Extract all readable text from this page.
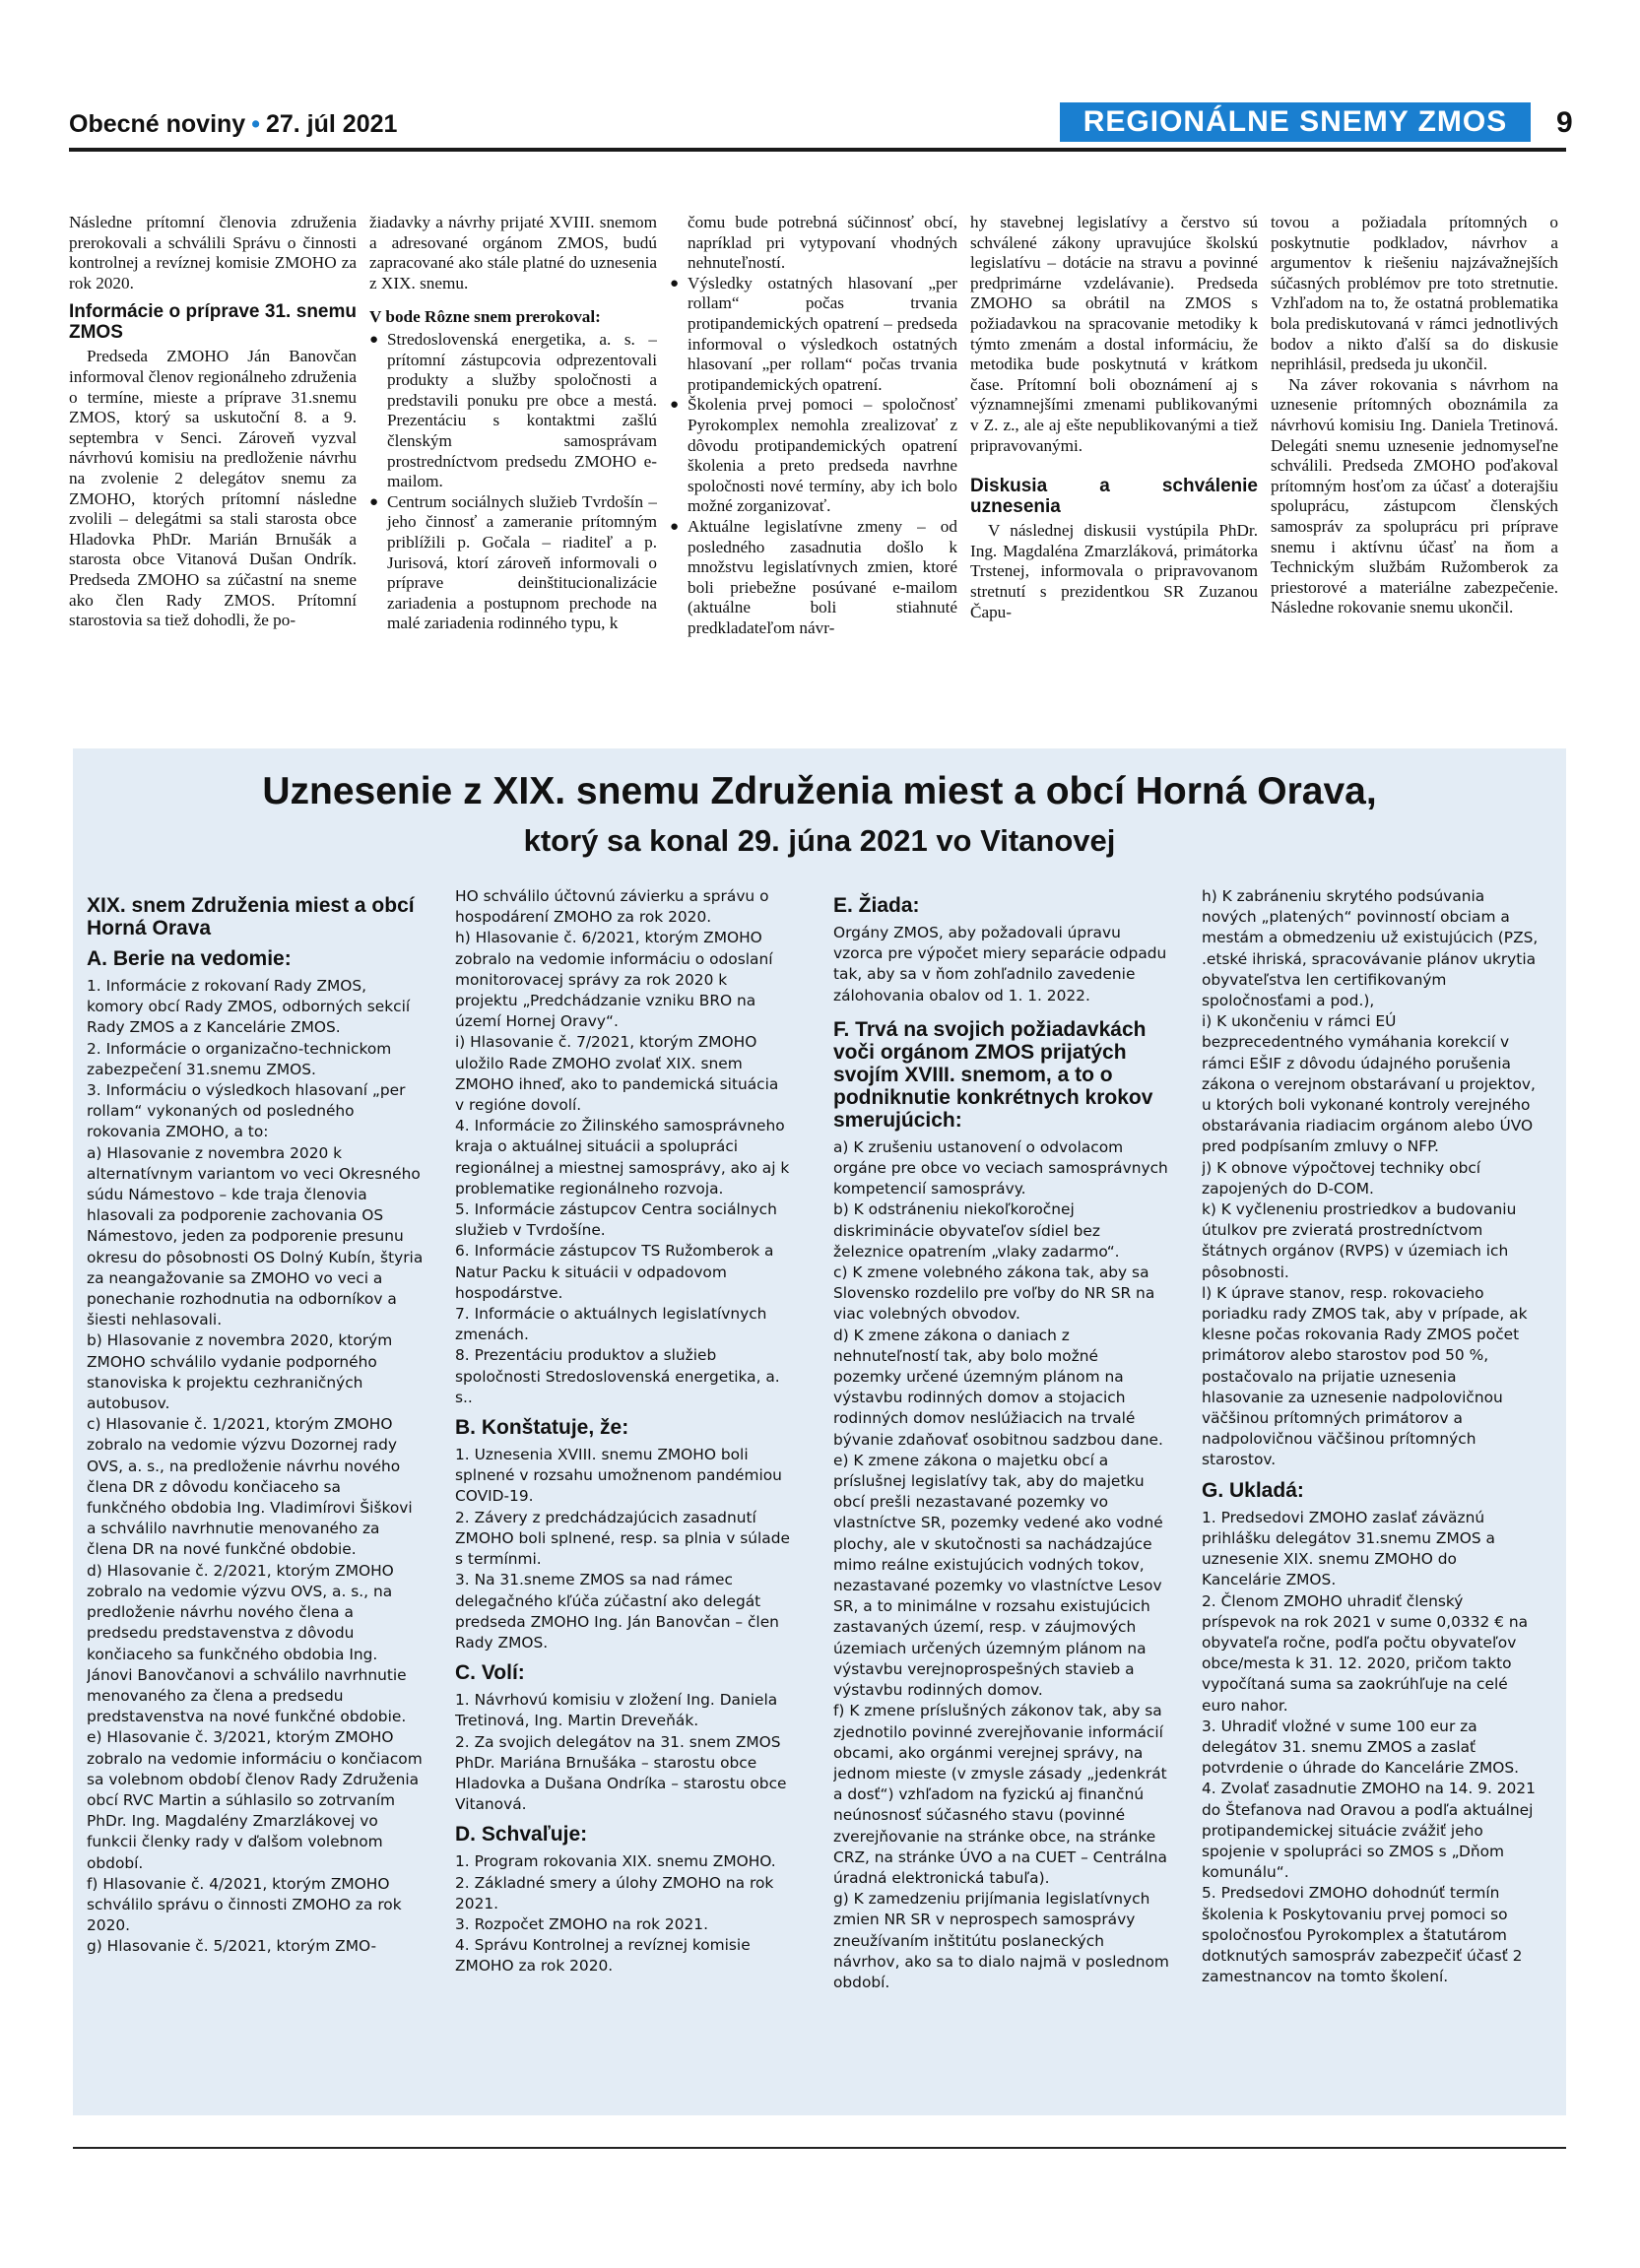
Obecné noviny • 27. júl 2021	REGIONÁLNE SNEMY ZMOS	9

Následne prítomní členovia združenia prerokovali a schválili Správu o činnosti kontrolnej a revíznej komisie ZMOHO za rok 2020.

Informácie o príprave 31. snemu ZMOS

Predseda ZMOHO Ján Banovčan informoval členov regionálneho združenia o termíne, mieste a príprave 31.snemu ZMOS, ktorý sa uskutoční 8. a 9. septembra v Senci. Zároveň vyzval návrhovú komisiu na predloženie návrhu na zvolenie 2 delegátov snemu za ZMOHO, ktorých prítomní následne zvolili – delegátmi sa stali starosta obce Hladovka PhDr. Marián Brnušák a starosta obce Vitanová Dušan Ondrík. Predseda ZMOHO sa zúčastní na sneme ako člen Rady ZMOS. Prítomní starostovia sa tiež dohodli, že po-

žiadavky a návrhy prijaté XVIII. snemom a adresované orgánom ZMOS, budú zapracované ako stále platné do uznesenia z XIX. snemu.

V bode Rôzne snem prerokoval:

● Stredoslovenská energetika, a. s. – prítomní zástupcovia odprezentovali produkty a služby spoločnosti a predstavili ponuku pre obce a mestá. Prezentáciu s kontaktmi zašlú členským samosprávam prostredníctvom predsedu ZMOHO e-mailom.
● Centrum sociálnych služieb Tvrdošín – jeho činnosť a zameranie prítomným priblížili p. Gočala – riaditeľ a p. Jurisová, ktorí zároveň informovali o príprave deinštitucionalizácie zariadenia a postupnom prechode na malé zariadenia rodinného typu, k

čomu bude potrebná súčinnosť obcí, napríklad pri vytypovaní vhodných nehnuteľností.

● Výsledky ostatných hlasovaní „per rollam“ počas trvania protipandemických opatrení – predseda informoval o výsledkoch ostatných hlasovaní „per rollam“ počas trvania protipandemických opatrení.
● Školenia prvej pomoci – spoločnosť Pyrokomplex nemohla zrealizovať z dôvodu protipandemických opatrení školenia a preto predseda navrhne spoločnosti nové termíny, aby ich bolo možné zorganizovať.
● Aktuálne legislatívne zmeny – od posledného zasadnutia došlo k množstvu legislatívnych zmien, ktoré boli priebežne posúvané e-mailom (aktuálne boli stiahnuté predkladateľom návr-

hy stavebnej legislatívy a čerstvo sú schválené zákony upravujúce školskú legislatívu – dotácie na stravu a povinné predprimárne vzdelávanie). Predseda ZMOHO sa obrátil na ZMOS s požiadavkou na spracovanie metodiky k týmto zmenám a dostal informáciu, že metodika bude poskytnutá v krátkom čase. Prítomní boli oboznámení aj s významnejšími zmenami publikovanými v Z. z., ale aj ešte nepublikovanými a tiež pripravovanými.

Diskusia a schválenie uznesenia

V následnej diskusii vystúpila PhDr. Ing. Magdaléna Zmarzláková, primátorka Trstenej, informovala o pripravovanom stretnutí s prezidentkou SR Zuzanou Čapu-

tovou a požiadala prítomných o poskytnutie podkladov, návrhov a argumentov k riešeniu najzávažnejších súčasných problémov pre toto stretnutie. Vzhľadom na to, že ostatná problematika bola prediskutovaná v rámci jednotlivých bodov a nikto ďalší sa do diskusie neprihlásil, predseda ju ukončil.

Na záver rokovania s návrhom na uznesenie prítomných oboznámila za návrhovú komisiu Ing. Daniela Tretinová. Delegáti snemu uznesenie jednomyseľne schválili. Predseda ZMOHO poďakoval prítomným hosťom za účasť a doterajšiu spoluprácu, zástupcom členských samospráv za spoluprácu pri príprave snemu i aktívnu účasť na ňom a Technickým službám Ružomberok za priestorové a materiálne zabezpečenie. Následne rokovanie snemu ukončil.

Uznesenie z XIX. snemu Združenia miest a obcí Horná Orava,
ktorý sa konal 29. júna 2021 vo Vitanovej
XIX. snem Združenia miest a obcí Horná Orava
A. Berie na vedomie:

1. Informácie z rokovaní Rady ZMOS, komory obcí Rady ZMOS, odborných sekcií Rady ZMOS a z Kancelárie ZMOS.

2. Informácie o organizačno-technickom zabezpečení 31.snemu ZMOS.

3. Informáciu o výsledkoch hlasovaní „per rollam“ vykonaných od posledného rokovania ZMOHO, a to:

a) Hlasovanie z novembra 2020 k alternatívnym variantom vo veci Okresného súdu Námestovo – kde traja členovia hlasovali za podporenie zachovania OS Námestovo, jeden za podporenie presunu okresu do pôsobnosti OS Dolný Kubín, štyria za neangažovanie sa ZMOHO vo veci a ponechanie rozhodnutia na odborníkov a šiesti nehlasovali.

b) Hlasovanie z novembra 2020, ktorým ZMOHO schválilo vydanie podporného stanoviska k projektu cezhraničných autobusov.

c) Hlasovanie č. 1/2021, ktorým ZMOHO zobralo na vedomie výzvu Dozornej rady OVS, a. s., na predloženie návrhu nového člena DR z dôvodu končiaceho sa funkčného obdobia Ing. Vladimírovi Šiškovi a schválilo navrhnutie menovaného za člena DR na nové funkčné obdobie.

d) Hlasovanie č. 2/2021, ktorým ZMOHO zobralo na vedomie výzvu OVS, a. s., na predloženie návrhu nového člena a predsedu predstavenstva z dôvodu končiaceho sa funkčného obdobia Ing. Jánovi Banovčanovi a schválilo navrhnutie menovaného za člena a predsedu predstavenstva na nové funkčné obdobie.

e) Hlasovanie č. 3/2021, ktorým ZMOHO zobralo na vedomie informáciu o končiacom sa volebnom období členov Rady Združenia obcí RVC Martin a súhlasilo so zotrvaním PhDr. Ing. Magdalény Zmarzlákovej vo funkcii členky rady v ďalšom volebnom období.

f) Hlasovanie č. 4/2021, ktorým ZMOHO schválilo správu o činnosti ZMOHO za rok 2020.

g) Hlasovanie č. 5/2021, ktorým ZMO-

HO schválilo účtovnú závierku a správu o hospodárení ZMOHO za rok 2020.

h) Hlasovanie č. 6/2021, ktorým ZMOHO zobralo na vedomie informáciu o odoslaní monitorovacej správy za rok 2020 k projektu „Predchádzanie vzniku BRO na území Hornej Oravy“.

i) Hlasovanie č. 7/2021, ktorým ZMOHO uložilo Rade ZMOHO zvolať XIX. snem ZMOHO ihneď, ako to pandemická situácia v regióne dovolí.

4. Informácie zo Žilinského samosprávneho kraja o aktuálnej situácii a spolupráci regionálnej a miestnej samosprávy, ako aj k problematike regionálneho rozvoja.

5. Informácie zástupcov Centra sociálnych služieb v Tvrdošíne.

6. Informácie zástupcov TS Ružomberok a Natur Packu k situácii v odpadovom hospodárstve.

7. Informácie o aktuálnych legislatívnych zmenách.

8. Prezentáciu produktov a služieb spoločnosti Stredoslovenská energetika, a. s..

B. Konštatuje, že:

1. Uznesenia XVIII. snemu ZMOHO boli splnené v rozsahu umožnenom pandémiou COVID-19.

2. Závery z predchádzajúcich zasadnutí ZMOHO boli splnené, resp. sa plnia v súlade s termínmi.

3. Na 31.sneme ZMOS sa nad rámec delegačného kľúča zúčastní ako delegát predseda ZMOHO Ing. Ján Banovčan – člen Rady ZMOS.

C. Volí:

1. Návrhovú komisiu v zložení Ing. Daniela Tretinová, Ing. Martin Dreveňák.

2. Za svojich delegátov na 31. snem ZMOS PhDr. Mariána Brnušáka – starostu obce Hladovka a Dušana Ondríka – starostu obce Vitanová.

D. Schvaľuje:

1. Program rokovania XIX. snemu ZMOHO.

2. Základné smery a úlohy ZMOHO na rok 2021.

3. Rozpočet ZMOHO na rok 2021.

4. Správu Kontrolnej a revíznej komisie ZMOHO za rok 2020.

E. Žiada:

Orgány ZMOS, aby požadovali úpravu vzorca pre výpočet miery separácie odpadu tak, aby sa v ňom zohľadnilo zavedenie zálohovania obalov od 1. 1. 2022.

F. Trvá na svojich požiadavkách voči orgánom ZMOS prijatých svojím XVIII. snemom, a to o podniknutie konkrétnych krokov smerujúcich:

a) K zrušeniu ustanovení o odvolacom orgáne pre obce vo veciach samosprávnych kompetencií samosprávy.

b) K odstráneniu niekoľkoročnej diskriminácie obyvateľov sídiel bez železnice opatrením „vlaky zadarmo“.

c) K zmene volebného zákona tak, aby sa Slovensko rozdelilo pre voľby do NR SR na viac volebných obvodov.

d) K zmene zákona o daniach z nehnuteľností tak, aby bolo možné pozemky určené územným plánom na výstavbu rodinných domov a stojacich rodinných domov neslúžiacich na trvalé bývanie zdaňovať osobitnou sadzbou dane.

e) K zmene zákona o majetku obcí a príslušnej legislatívy tak, aby do majetku obcí prešli nezastavané pozemky vo vlastníctve SR, pozemky vedené ako vodné plochy, ale v skutočnosti sa nachádzajúce mimo reálne existujúcich vodných tokov, nezastavané pozemky vo vlastníctve Lesov SR, a to minimálne v rozsahu existujúcich zastavaných území, resp. v záujmových územiach určených územným plánom na výstavbu verejnoprospešných stavieb a výstavbu rodinných domov.

f) K zmene príslušných zákonov tak, aby sa zjednotilo povinné zverejňovanie informácií obcami, ako orgánmi verejnej správy, na jednom mieste (v zmysle zásady „jedenkrát a dosť“) vzhľadom na fyzickú aj finančnú neúnosnosť súčasného stavu (povinné zverejňovanie na stránke obce, na stránke CRZ, na stránke ÚVO a na CUET – Centrálna úradná elektronická tabuľa).

g) K zamedzeniu prijímania legislatívnych zmien NR SR v neprospech samosprávy zneužívaním inštitútu poslaneckých návrhov, ako sa to dialo najmä v poslednom období.

h) K zabráneniu skrytého podsúvania nových „platených“ povinností obciam a mestám a obmedzeniu už existujúcich (PZS, .etské ihriská, spracovávanie plánov ukrytia obyvateľstva len certifikovaným spoločnosťami a pod.),

i) K ukončeniu v rámci EÚ bezprecedentného vymáhania korekcií v rámci EŠIF z dôvodu údajného porušenia zákona o verejnom obstarávaní u projektov, u ktorých boli vykonané kontroly verejného obstarávania riadiacim orgánom alebo ÚVO pred podpísaním zmluvy o NFP.

j) K obnove výpočtovej techniky obcí zapojených do D-COM.

k) K vyčleneniu prostriedkov a budovaniu útulkov pre zvieratá prostredníctvom štátnych orgánov (RVPS) v územiach ich pôsobnosti.

l) K úprave stanov, resp. rokovacieho poriadku rady ZMOS tak, aby v prípade, ak klesne počas rokovania Rady ZMOS počet primátorov alebo starostov pod 50 %, postačovalo na prijatie uznesenia hlasovanie za uznesenie nadpolovičnou väčšinou prítomných primátorov a nadpolovičnou väčšinou prítomných starostov.

G. Ukladá:

1. Predsedovi ZMOHO zaslať záväznú prihlášku delegátov 31.snemu ZMOS a uznesenie XIX. snemu ZMOHO do Kancelárie ZMOS.

2. Členom ZMOHO uhradiť členský príspevok na rok 2021 v sume 0,0332 € na obyvateľa ročne, podľa počtu obyvateľov obce/mesta k 31. 12. 2020, pričom takto vypočítaná suma sa zaokrúhľuje na celé euro nahor.

3. Uhradiť vložné v sume 100 eur za delegátov 31. snemu ZMOS a zaslať potvrdenie o úhrade do Kancelárie ZMOS.

4. Zvolať zasadnutie ZMOHO na 14. 9. 2021 do Štefanova nad Oravou a podľa aktuálnej protipandemickej situácie zvážiť jeho spojenie v spolupráci so ZMOS s „Dňom komunálu“.

5. Predsedovi ZMOHO dohodnúť termín školenia k Poskytovaniu prvej pomoci so spoločnosťou Pyrokomplex a štatutárom dotknutých samospráv zabezpečiť účasť 2 zamestnancov na tomto školení.
